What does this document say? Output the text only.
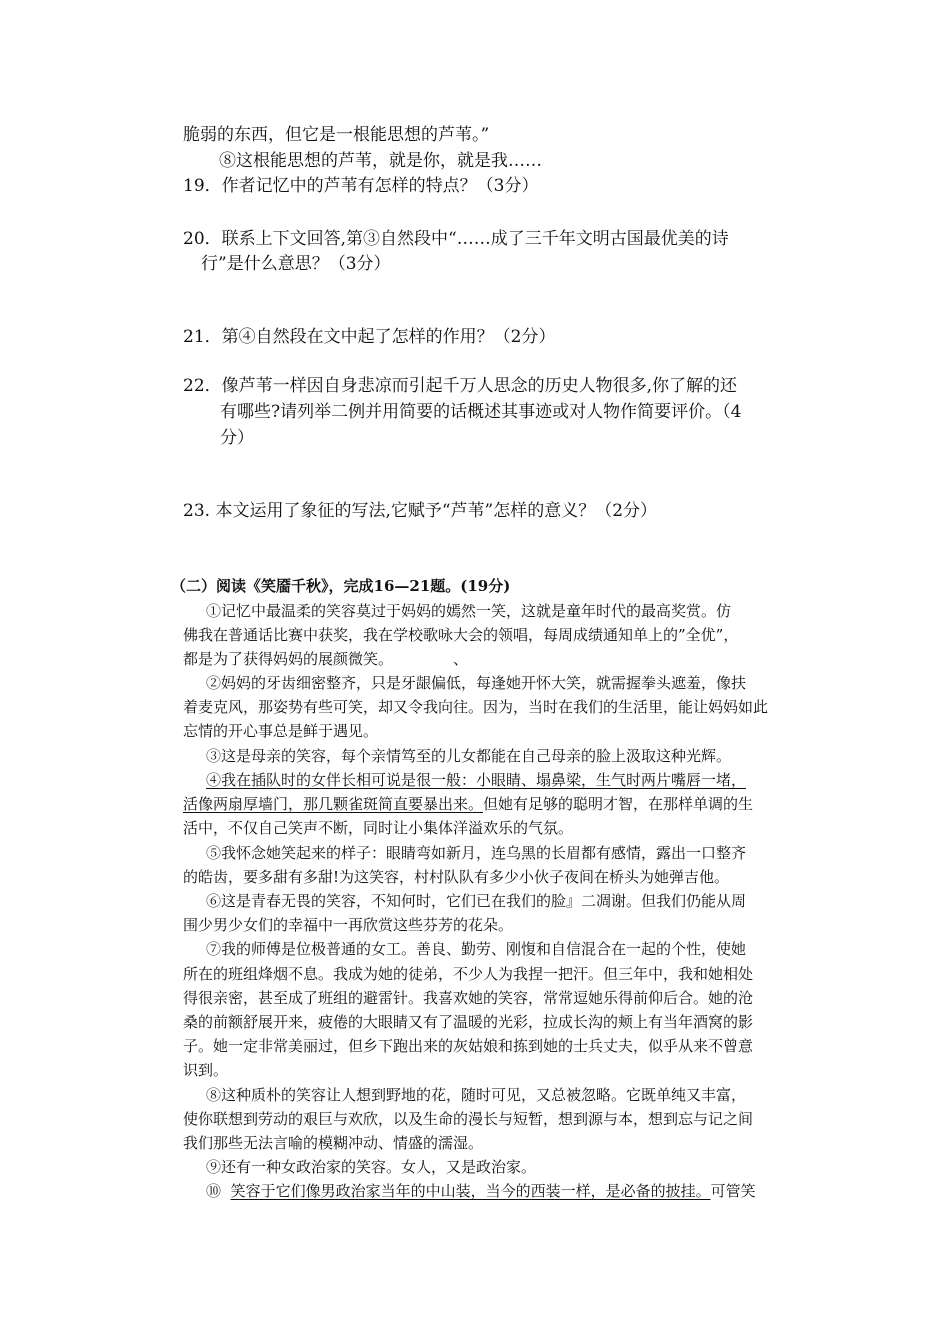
脆弱的东西，但它是一根能思想的芦苇。”
⑧这根能思想的芦苇，就是你，就是我……
19．作者记忆中的芦苇有怎样的特点？（3分）
20．联系上下文回答,第③自然段中“……成了三千年文明古国最优美的诗
行”是什么意思？（3分）
21．第④自然段在文中起了怎样的作用？（2分）
22．像芦苇一样因自身悲凉而引起千万人思念的历史人物很多,你了解的还
有哪些?请列举二例并用简要的话概述其事迹或对人物作简要评价。（4
分）
23. 本文运用了象征的写法,它赋予“芦苇”怎样的意义？（2分）
（二）阅读《笑靥千秋》，完成16—21题。(19分)
①记忆中最温柔的笑容莫过于妈妈的嫣然一笑，这就是童年时代的最高奖赏。仿
佛我在普通话比赛中获奖，我在学校歌咏大会的领唱，每周成绩通知单上的”全优”，
都是为了获得妈妈的展颜微笑。	、
②妈妈的牙齿细密整齐，只是牙龈偏低，每逢她开怀大笑，就需握拳头遮羞，像扶
着麦克风，那姿势有些可笑，却又令我向往。因为，当时在我们的生活里，能让妈妈如此
忘情的开心事总是鲜于遇见。
③这是母亲的笑容，每个亲情笃至的儿女都能在自己母亲的脸上汲取这种光辉。
④我在插队时的女伴长相可说是很一般：小眼睛、塌鼻梁，生气时两片嘴唇一堵，
活像两扇厚墙门，那几颗雀斑简直要暴出来。但她有足够的聪明才智，在那样单调的生
活中，不仅自己笑声不断，同时让小集体洋溢欢乐的气氛。
⑤我怀念她笑起来的样子：眼睛弯如新月，连乌黑的长眉都有感情，露出一口整齐
的皓齿，要多甜有多甜!为这笑容，村村队队有多少小伙子夜间在桥头为她弹吉他。
⑥这是青春无畏的笑容，不知何时，它们已在我们的脸』二凋谢。但我们仍能从周
围少男少女们的幸福中一再欣赏这些芬芳的花朵。
⑦我的师傅是位极普通的女工。善良、勤劳、刚愎和自信混合在一起的个性，使她
所在的班组烽烟不息。我成为她的徒弟，不少人为我捏一把汗。但三年中，我和她相处
得很亲密，甚至成了班组的避雷针。我喜欢她的笑容，常常逗她乐得前仰后合。她的沧
桑的前额舒展开来，疲倦的大眼睛又有了温暖的光彩，拉成长沟的颊上有当年酒窝的影
子。她一定非常美丽过，但乡下跑出来的灰姑娘和拣到她的士兵丈夫，似乎从来不曾意
识到。
⑧这种质朴的笑容让人想到野地的花，随时可见，又总被忽略。它既单纯又丰富，
使你联想到劳动的艰巨与欢欣，以及生命的漫长与短暂，想到源与本，想到忘与记之间
我们那些无法言喻的模糊冲动、情盛的濡湿。
⑨还有一种女政治家的笑容。女人，又是政治家。
⑩ 笑容于它们像男政治家当年的中山装，当今的西装一样，是必备的披挂。可管笑
